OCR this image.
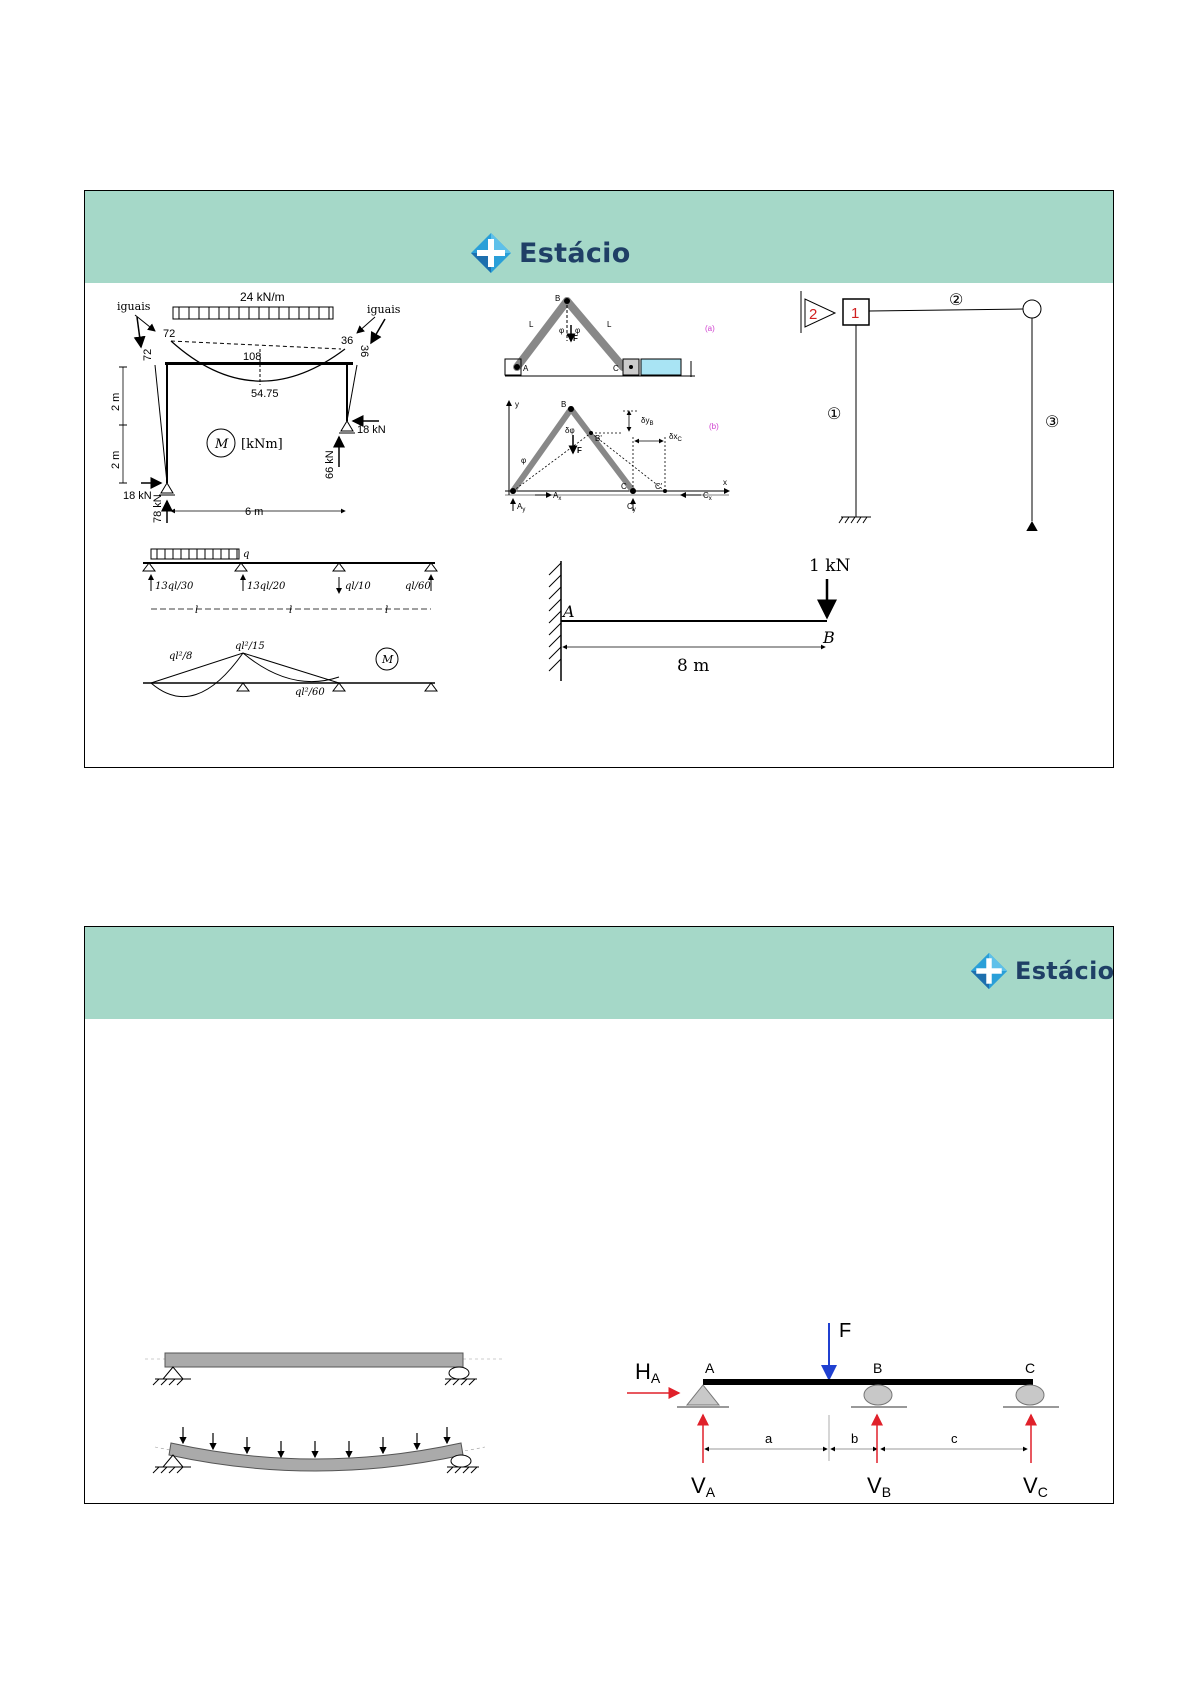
Estácio
24 kN/m
iguais	iguais
72
36
108
54.75
72	36
2 m
2 m
18 kN
66 kN
18 kN 78 kN	6 m
M [kNm]
B
L	L
φ φ
F
A	C
(a)
y
x
B
B'
δφ
$\delta y_B$
$\delta x_C$
(b)
φ
F
$A_x$
$A_y$
C	C'
$C_y$
$C_x$
2 1
①
②
③
q
13ql/30	13ql/20	ql/10	ql/60
l	l	l
ql²/8
ql²/15
ql²/60
M
1 kN
A
B
8 m
Estácio
F
HA
A	B	C
a	b	c
VA	VB	VC
